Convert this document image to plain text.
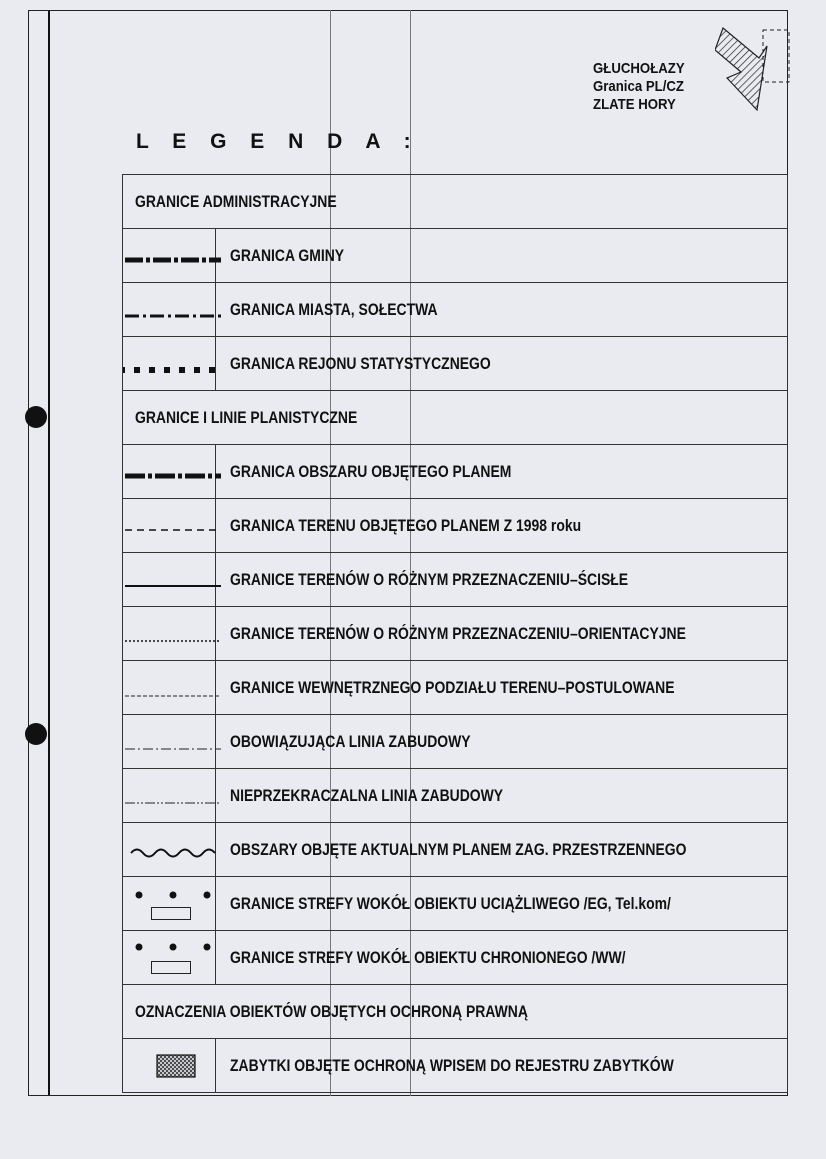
GŁUCHOŁAZY
Granica PL/CZ
ZLATE HORY
L E G E N D A :
GRANICE ADMINISTRACYJNE	

	GRANICA GMINY

	GRANICA MIASTA, SOŁECTWA

	GRANICA REJONU STATYSTYCZNEGO
GRANICE I LINIE PLANISTYCZNE	

	GRANICA OBSZARU OBJĘTEGO PLANEM

	GRANICA TERENU OBJĘTEGO PLANEM Z 1998 roku

	GRANICE TERENÓW O RÓŻNYM PRZEZNACZENIU–ŚCISŁE

	GRANICE TERENÓW O RÓŻNYM PRZEZNACZENIU–ORIENTACYJNE

	GRANICE WEWNĘTRZNEGO PODZIAŁU TERENU–POSTULOWANE

	OBOWIĄZUJĄCA LINIA ZABUDOWY

	NIEPRZEKRACZALNA LINIA ZABUDOWY

	OBSZARY OBJĘTE AKTUALNYM PLANEM ZAG. PRZESTRZENNEGO

	GRANICE STREFY WOKÓŁ OBIEKTU UCIĄŻLIWEGO /EG, Tel.kom/

	GRANICE STREFY WOKÓŁ OBIEKTU CHRONIONEGO /WW/
OZNACZENIA OBIEKTÓW OBJĘTYCH OCHRONĄ PRAWNĄ	

	ZABYTKI OBJĘTE OCHRONĄ WPISEM DO REJESTRU ZABYTKÓW
